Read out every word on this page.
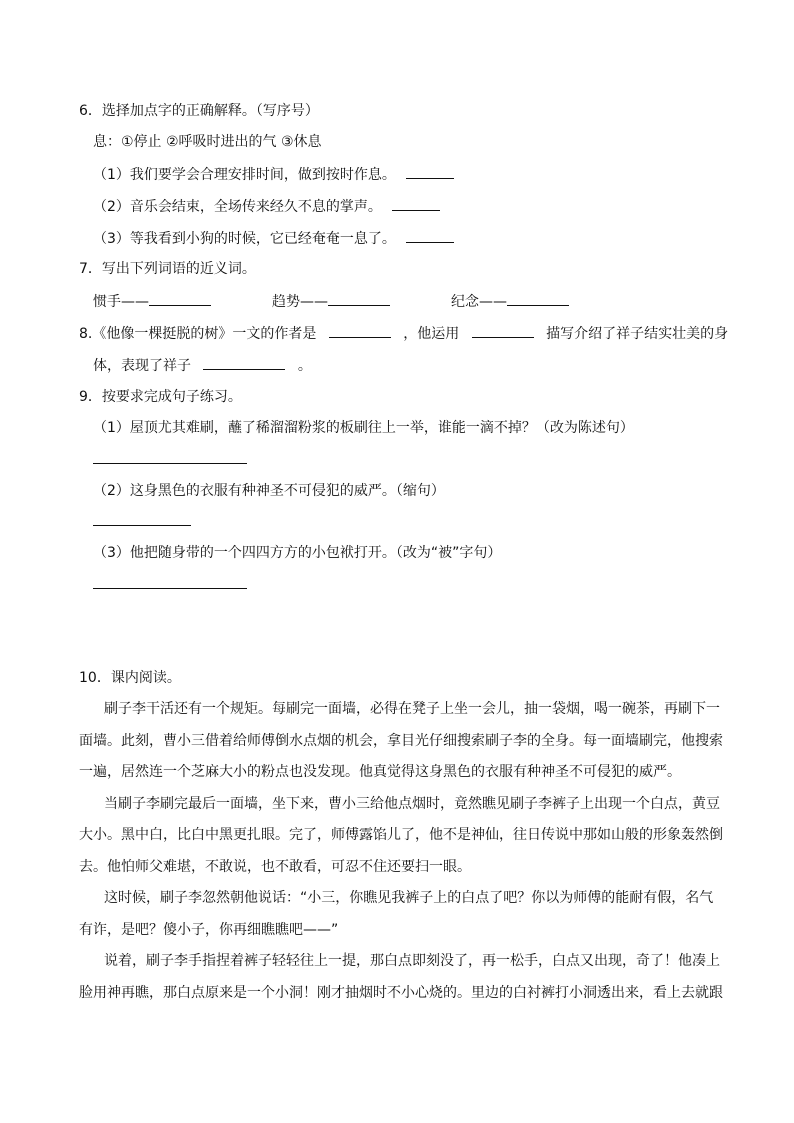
6．选择加点字的正确解释。（写序号）
息：①停止 ②呼吸时进出的气 ③休息
（1）我们要学会合理安排时间，做到按时作息。
（2）音乐会结束，全场传来经久不息的掌声。
（3）等我看到小狗的时候，它已经奄奄一息了。
7．写出下列词语的近义词。
惯手——	趋势——	纪念——
8.《他像一棵挺脱的树》一文的作者是	，他运用	描写介绍了祥子结实壮美的身
体，表现了祥子	。
9．按要求完成句子练习。
（1）屋顶尤其难刷，蘸了稀溜溜粉浆的板刷往上一举，谁能一滴不掉？（改为陈述句）
（2）这身黑色的衣服有种神圣不可侵犯的威严。（缩句）
（3）他把随身带的一个四四方方的小包袱打开。（改为“被”字句）
10．课内阅读。
刷子李干活还有一个规矩。每刷完一面墙，必得在凳子上坐一会儿，抽一袋烟，喝一碗茶，再刷下一
面墙。此刻，曹小三借着给师傅倒水点烟的机会，拿目光仔细搜索刷子李的全身。每一面墙刷完，他搜索
一遍，居然连一个芝麻大小的粉点也没发现。他真觉得这身黑色的衣服有种神圣不可侵犯的威严。
当刷子李刷完最后一面墙，坐下来，曹小三给他点烟时，竟然瞧见刷子李裤子上出现一个白点，黄豆
大小。黑中白，比白中黑更扎眼。完了，师傅露馅儿了，他不是神仙，往日传说中那如山般的形象轰然倒
去。他怕师父难堪，不敢说，也不敢看，可忍不住还要扫一眼。
这时候，刷子李忽然朝他说话：“小三，你瞧见我裤子上的白点了吧？你以为师傅的能耐有假，名气
有诈，是吧？傻小子，你再细瞧瞧吧——”
说着，刷子李手指捏着裤子轻轻往上一提，那白点即刻没了，再一松手，白点又出现，奇了！他凑上
脸用神再瞧，那白点原来是一个小洞！刚才抽烟时不小心烧的。里边的白衬裤打小洞透出来，看上去就跟
